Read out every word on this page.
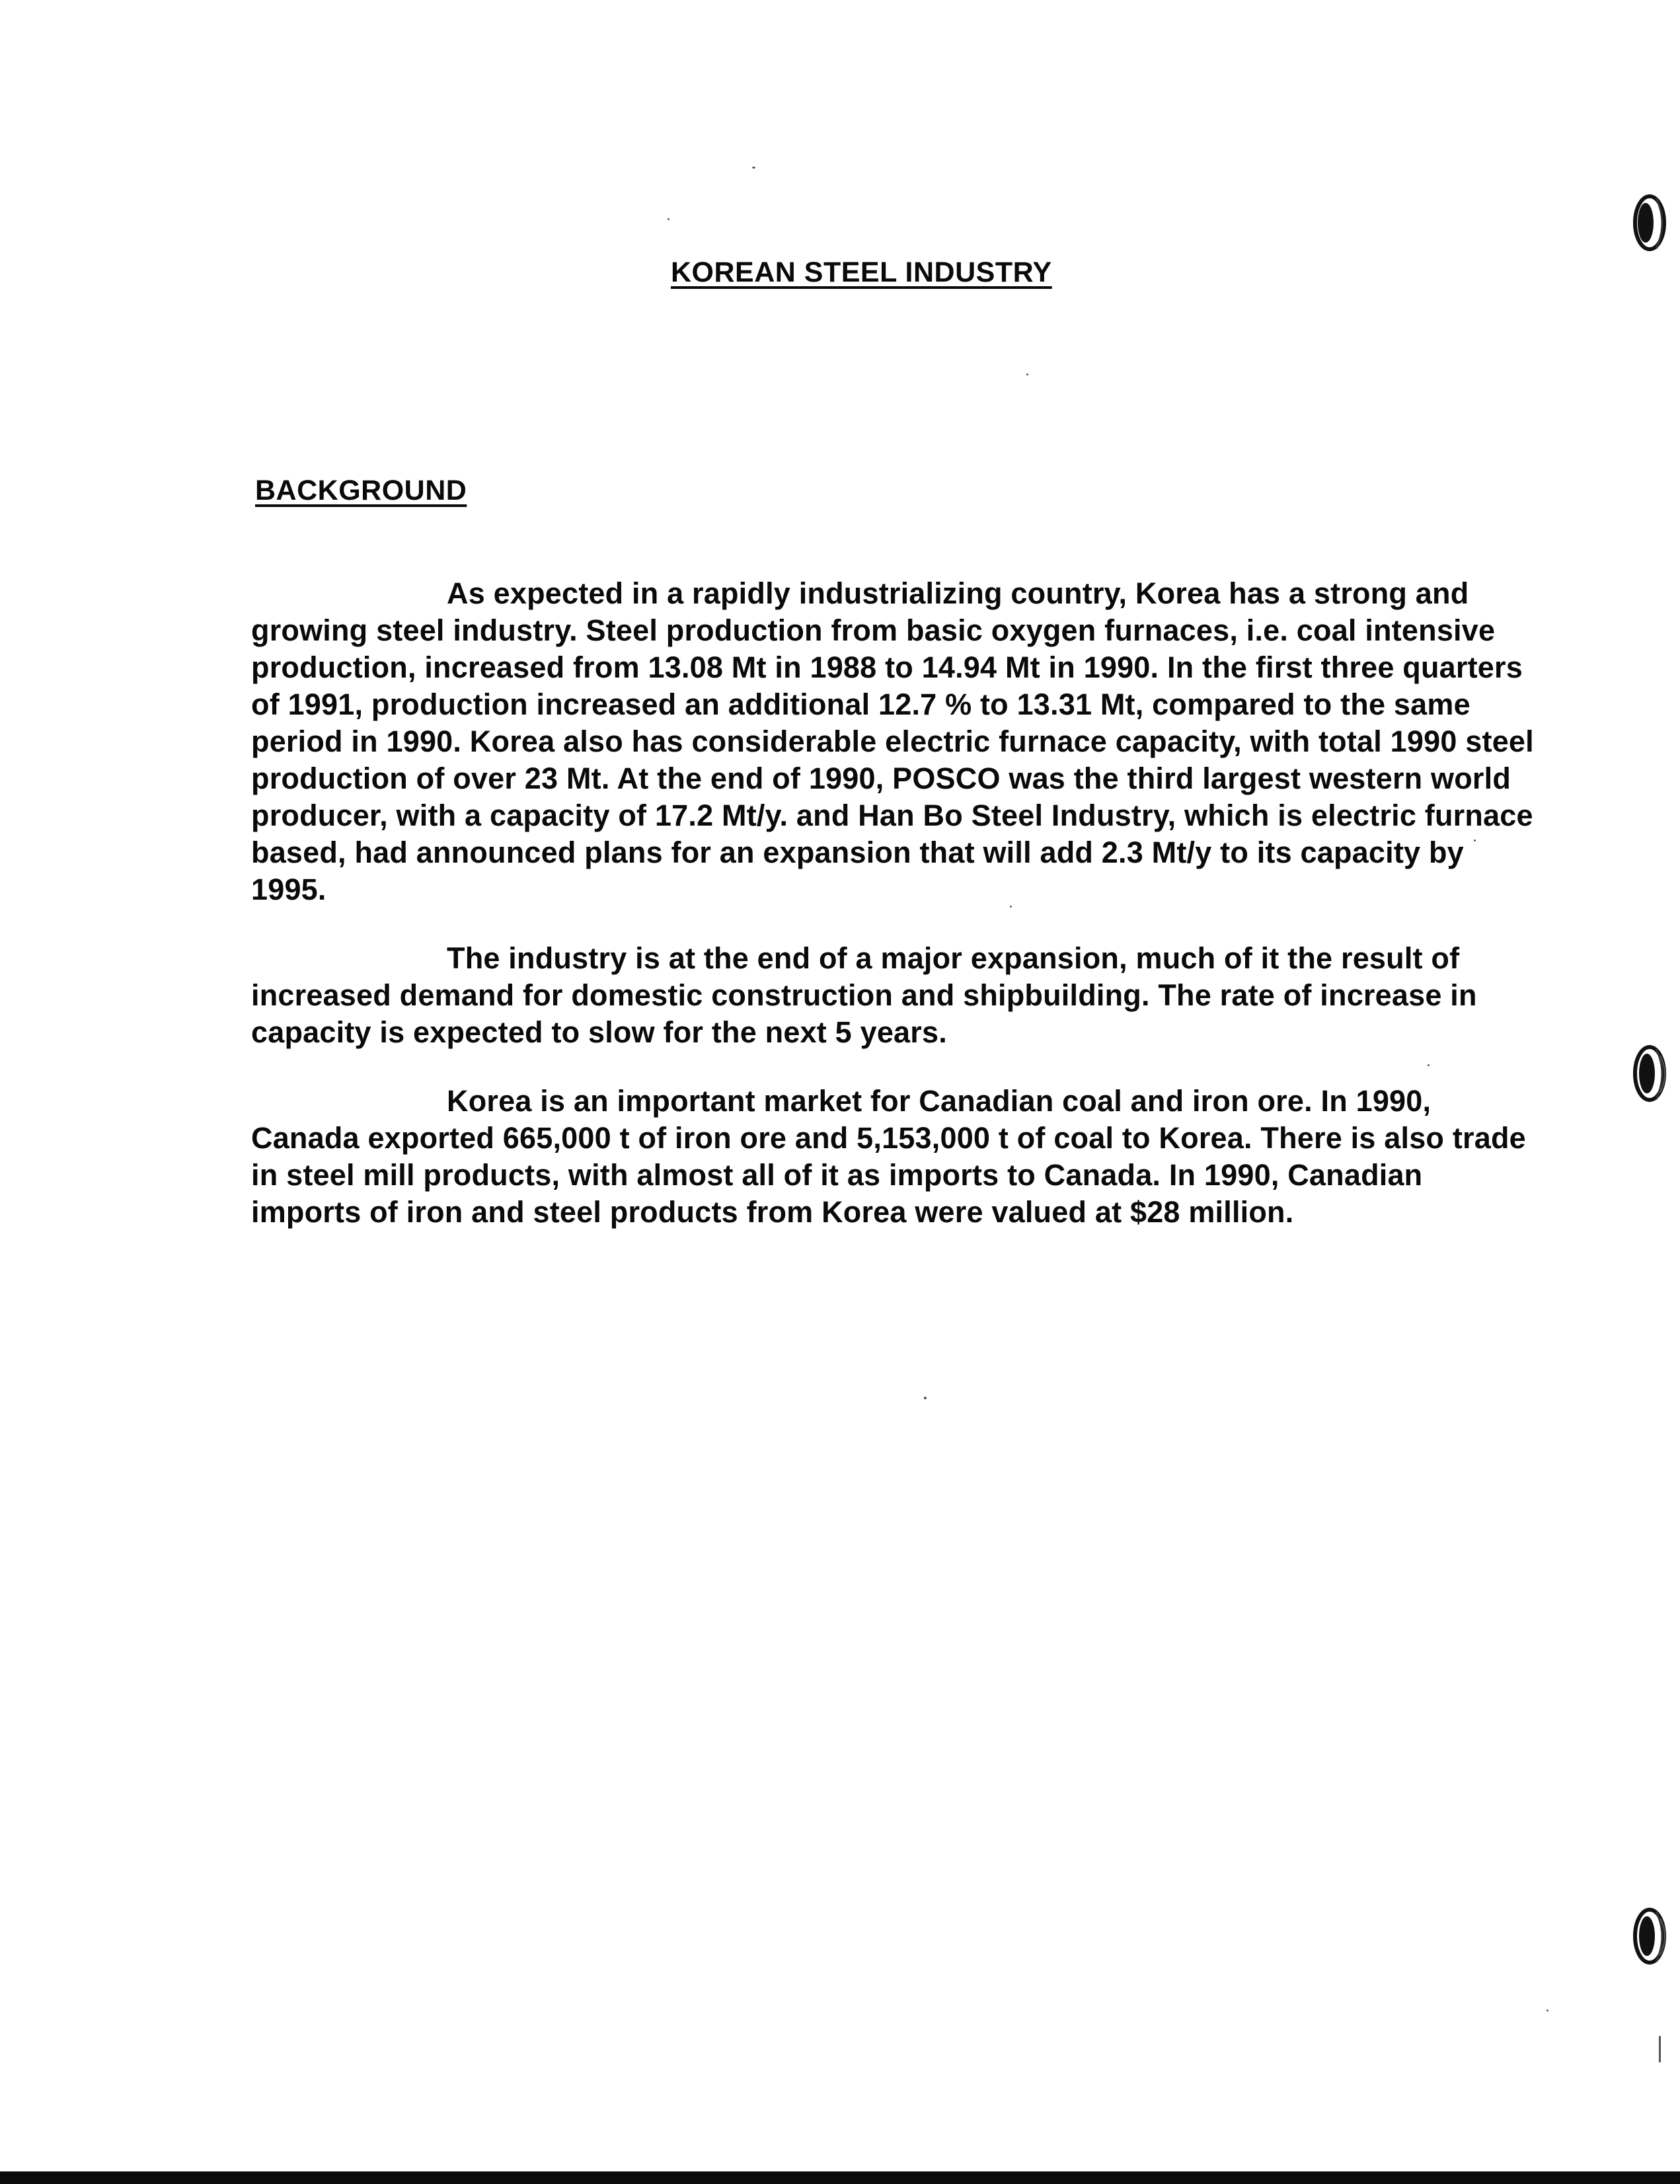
KOREAN STEEL INDUSTRY
BACKGROUND

As expected in a rapidly industrializing country, Korea has a strong and growing steel industry. Steel production from basic oxygen furnaces, i.e. coal intensive production, increased from 13.08 Mt in 1988 to 14.94 Mt in 1990. In the first three quarters of 1991, production increased an additional 12.7 % to 13.31 Mt, compared to the same period in 1990. Korea also has considerable electric furnace capacity, with total 1990 steel production of over 23 Mt. At the end of 1990, POSCO was the third largest western world producer, with a capacity of 17.2 Mt/y. and Han Bo Steel Industry, which is electric furnace based, had announced plans for an expansion that will add 2.3 Mt/y to its capacity by 1995.

The industry is at the end of a major expansion, much of it the result of increased demand for domestic construction and shipbuilding. The rate of increase in capacity is expected to slow for the next 5 years.

Korea is an important market for Canadian coal and iron ore. In 1990, Canada exported 665,000 t of iron ore and 5,153,000 t of coal to Korea. There is also trade in steel mill products, with almost all of it as imports to Canada. In 1990, Canadian imports of iron and steel products from Korea were valued at $28 million.
